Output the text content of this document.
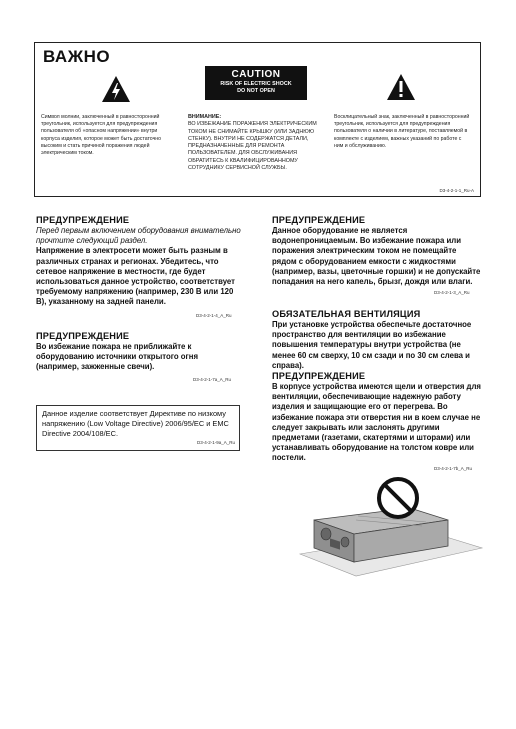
ВАЖНО
CAUTION
RISK OF ELECTRIC SHOCK
DO NOT OPEN
Символ молнии, заключенный в равносторонний треугольник, используется для предупреждения пользователя об «опасном напряжении» внутри корпуса изделия, которое может быть достаточно высоким и стать причиной поражения людей электрическим током.
ВНИМАНИЕ:
ВО ИЗБЕЖАНИЕ ПОРАЖЕНИЯ ЭЛЕКТРИЧЕСКИМ ТОКОМ НЕ СНИМАЙТЕ КРЫШКУ (ИЛИ ЗАДНЮЮ СТЕНКУ). ВНУТРИ НЕ СОДЕРЖАТСЯ ДЕТАЛИ, ПРЕДНАЗНАЧЕННЫЕ ДЛЯ РЕМОНТА ПОЛЬЗОВАТЕЛЕМ. ДЛЯ ОБСЛУЖИВАНИЯ ОБРАТИТЕСЬ К КВАЛИФИЦИРОВАННОМУ СОТРУДНИКУ СЕРВИСНОЙ СЛУЖБЫ.
Восклицательный знак, заключенный в равносторонний треугольник, используется для предупреждения пользователя о наличии в литературе, поставляемой в комплекте с изделием, важных указаний по работе с ним и обслуживанию.
D3-4-2-1-1_Ru-A
ПРЕДУПРЕЖДЕНИЕ
Перед первым включением оборудования внимательно прочтите следующий раздел.
Напряжение в электросети может быть разным в различных странах и регионах. Убедитесь, что сетевое напряжение в местности, где будет использоваться данное устройство, соответствует требуемому напряжению (например, 230 В или 120 В), указанному на задней панели.
D3-4-2-1-4_A_Ru
ПРЕДУПРЕЖДЕНИЕ
Во избежание пожара не приближайте к оборудованию источники открытого огня (например, зажженные свечи).
D3-4-2-1-7a_A_Ru
Данное изделие соответствует Директиве по низкому напряжению (Low Voltage Directive) 2006/95/EC и EMC Directive 2004/108/EC.
D3-4-2-1-9a_A_Ru
ПРЕДУПРЕЖДЕНИЕ
Данное оборудование не является водонепроницаемым. Во избежание пожара или поражения электрическим током не помещайте рядом с оборудованием емкости с жидкостями (например, вазы, цветочные горшки) и не допускайте попадания на него капель, брызг, дождя или влаги.
D3-4-2-1-3_A_Ru
ОБЯЗАТЕЛЬНАЯ ВЕНТИЛЯЦИЯ
При установке устройства обеспечьте достаточное пространство для вентиляции во избежание повышения температуры внутри устройства (не менее 60 см сверху, 10 см сзади и по 30 см слева и справа).
ПРЕДУПРЕЖДЕНИЕ
В корпусе устройства имеются щели и отверстия для вентиляции, обеспечивающие надежную работу изделия и защищающие его от перегрева. Во избежание пожара эти отверстия ни в коем случае не следует закрывать или заслонять другими предметами (газетами, скатертями и шторами) или устанавливать оборудование на толстом ковре или постели.
D3-4-2-1-7b_A_Ru
